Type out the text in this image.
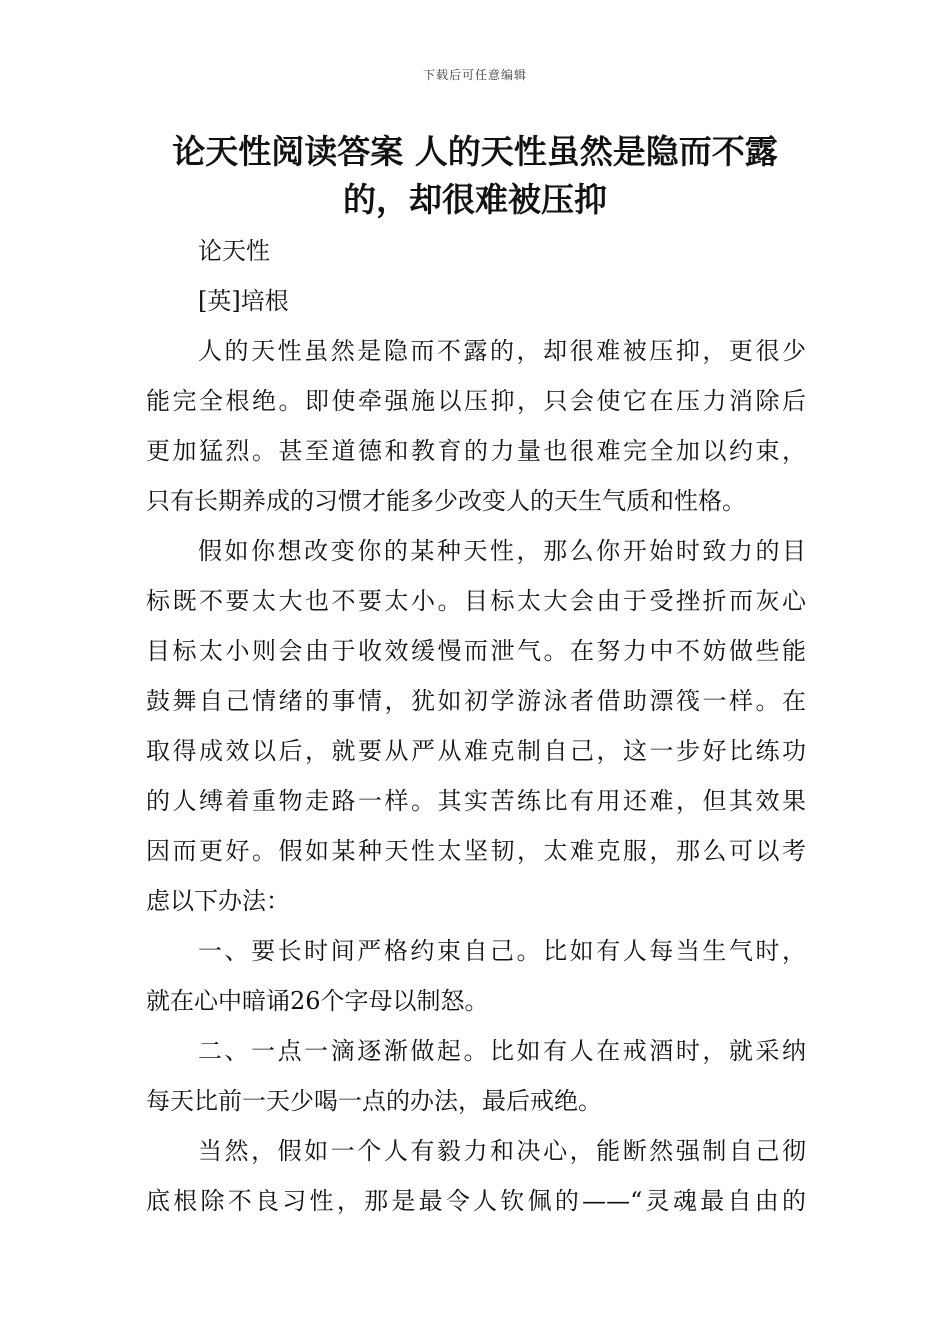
下载后可任意编辑
论天性阅读答案 人的天性虽然是隐而不露
的，却很难被压抑
论天性
[英]培根
人的天性虽然是隐而不露的，却很难被压抑，更很少
能完全根绝。即使牵强施以压抑，只会使它在压力消除后
更加猛烈。甚至道德和教育的力量也很难完全加以约束，
只有长期养成的习惯才能多少改变人的天生气质和性格。
假如你想改变你的某种天性，那么你开始时致力的目
标既不要太大也不要太小。目标太大会由于受挫折而灰心
目标太小则会由于收效缓慢而泄气。在努力中不妨做些能
鼓舞自己情绪的事情，犹如初学游泳者借助漂筏一样。在
取得成效以后，就要从严从难克制自己，这一步好比练功
的人缚着重物走路一样。其实苦练比有用还难，但其效果
因而更好。假如某种天性太坚韧，太难克服，那么可以考
虑以下办法：
一、要长时间严格约束自己。比如有人每当生气时，
就在心中暗诵26个字母以制怒。
二、一点一滴逐渐做起。比如有人在戒酒时，就采纳
每天比前一天少喝一点的办法，最后戒绝。
当然，假如一个人有毅力和决心，能断然强制自己彻
底根除不良习性，那是最令人钦佩的——“灵魂最自由的
